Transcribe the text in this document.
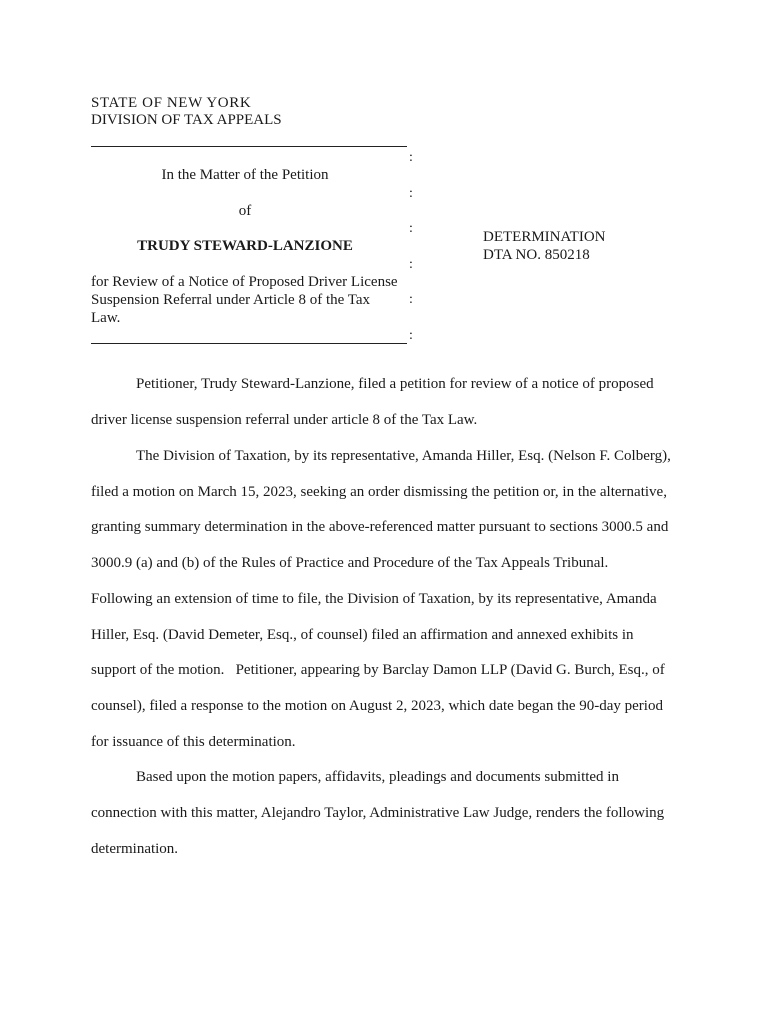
STATE OF NEW YORK
DIVISION OF TAX APPEALS
:
:
:
:
:
:
In the Matter of the Petition
of
TRUDY STEWARD-LANZIONE
for Review of a Notice of Proposed Driver License
Suspension Referral under Article 8 of the Tax
Law.
DETERMINATION
DTA NO. 850218
Petitioner, Trudy Steward-Lanzione, filed a petition for review of a notice of proposed
driver license suspension referral under article 8 of the Tax Law.
The Division of Taxation, by its representative, Amanda Hiller, Esq. (Nelson F. Colberg),
filed a motion on March 15, 2023, seeking an order dismissing the petition or, in the alternative,
granting summary determination in the above-referenced matter pursuant to sections 3000.5 and
3000.9 (a) and (b) of the Rules of Practice and Procedure of the Tax Appeals Tribunal.
Following an extension of time to file, the Division of Taxation, by its representative, Amanda
Hiller, Esq. (David Demeter, Esq., of counsel) filed an affirmation and annexed exhibits in
support of the motion.   Petitioner, appearing by Barclay Damon LLP (David G. Burch, Esq., of
counsel), filed a response to the motion on August 2, 2023, which date began the 90-day period
for issuance of this determination.
Based upon the motion papers, affidavits, pleadings and documents submitted in
connection with this matter, Alejandro Taylor, Administrative Law Judge, renders the following
determination.
